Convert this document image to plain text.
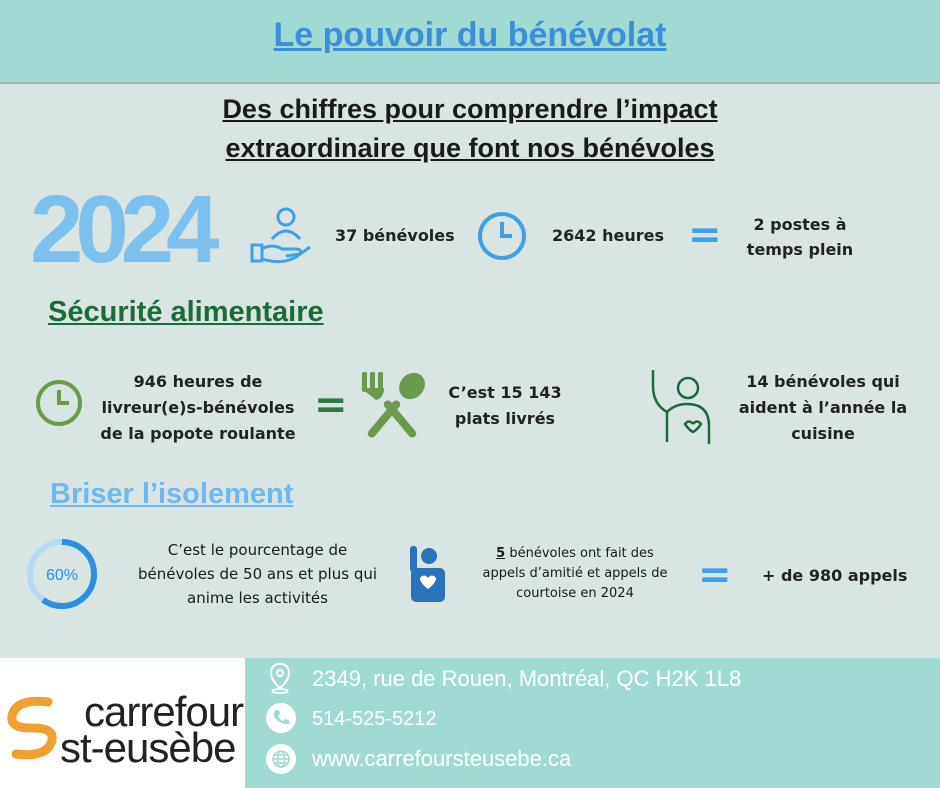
Le pouvoir du bénévolat
Des chiffres pour comprendre l’impact
extraordinaire que font nos bénévoles
2024	37 bénévoles	2642 heures =	2 postes à
temps plein
Sécurité alimentaire
946 heures de
livreur(e)s-bénévoles
de la popote roulante
=	C’est 15 143
plats livrés
14 bénévoles qui
aident à l’année la
cuisine
Briser l’isolement
60%
C’est le pourcentage de
bénévoles de 50 ans et plus qui
anime les activités
5 bénévoles ont fait des
appels d’amitié et appels de
courtoise en 2024	= + de 980 appels
carrefour
st-eusèbe
2349, rue de Rouen, Montréal, QC H2K 1L8
514-525-5212
www.carrefoursteusebe.ca
